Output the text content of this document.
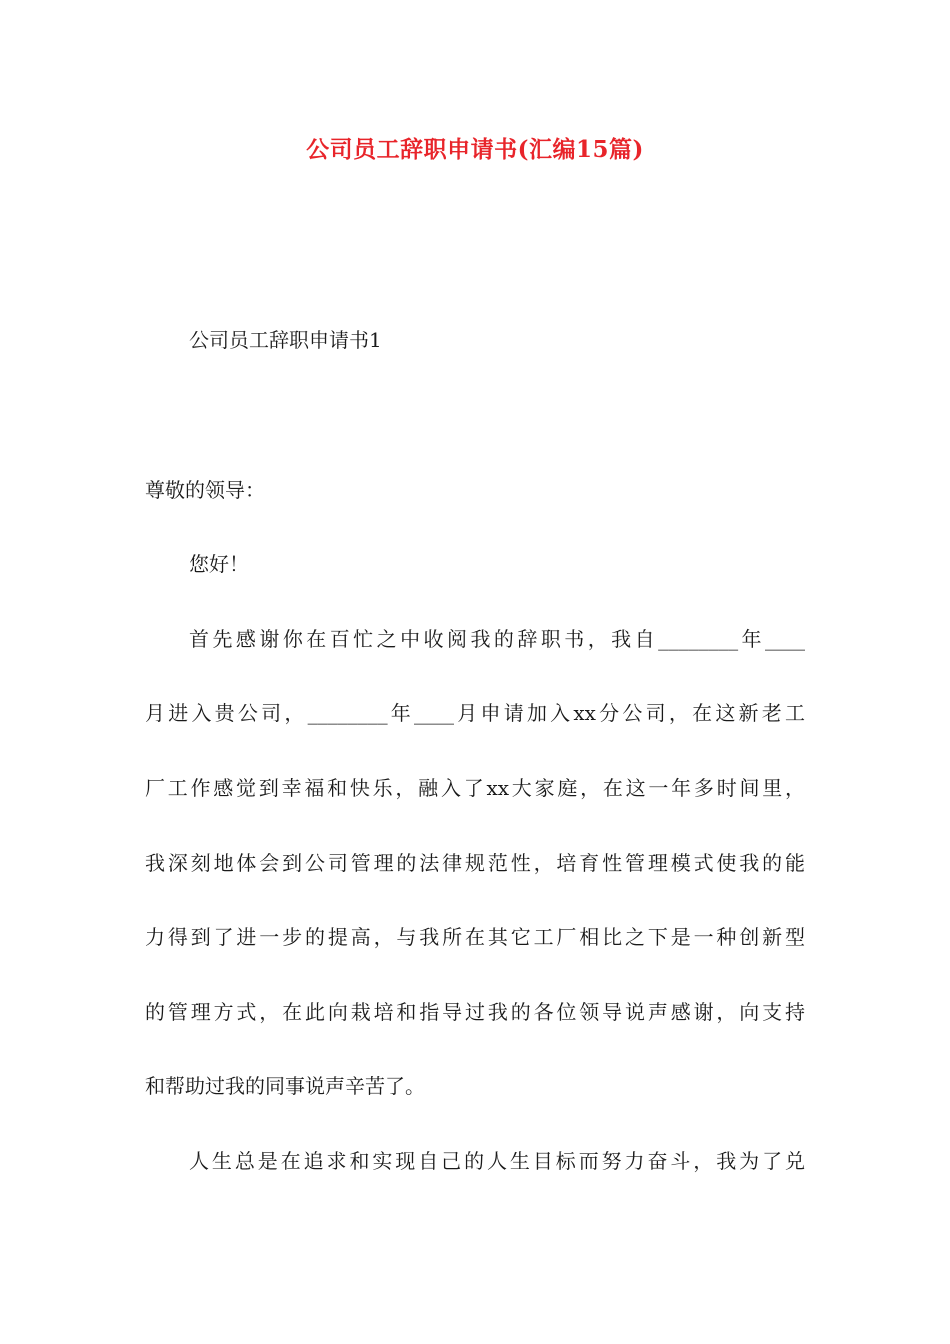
公司员工辞职申请书(汇编15篇)
公司员工辞职申请书1
尊敬的领导：
您好！
首先感谢你在百忙之中收阅我的辞职书，我自________年____
月进入贵公司，________年____月申请加入xx分公司，在这新老工
厂工作感觉到幸福和快乐，融入了xx大家庭，在这一年多时间里，
我深刻地体会到公司管理的法律规范性，培育性管理模式使我的能
力得到了进一步的提高，与我所在其它工厂相比之下是一种创新型
的管理方式，在此向栽培和指导过我的各位领导说声感谢，向支持
和帮助过我的同事说声辛苦了。
人生总是在追求和实现自己的人生目标而努力奋斗，我为了兑
